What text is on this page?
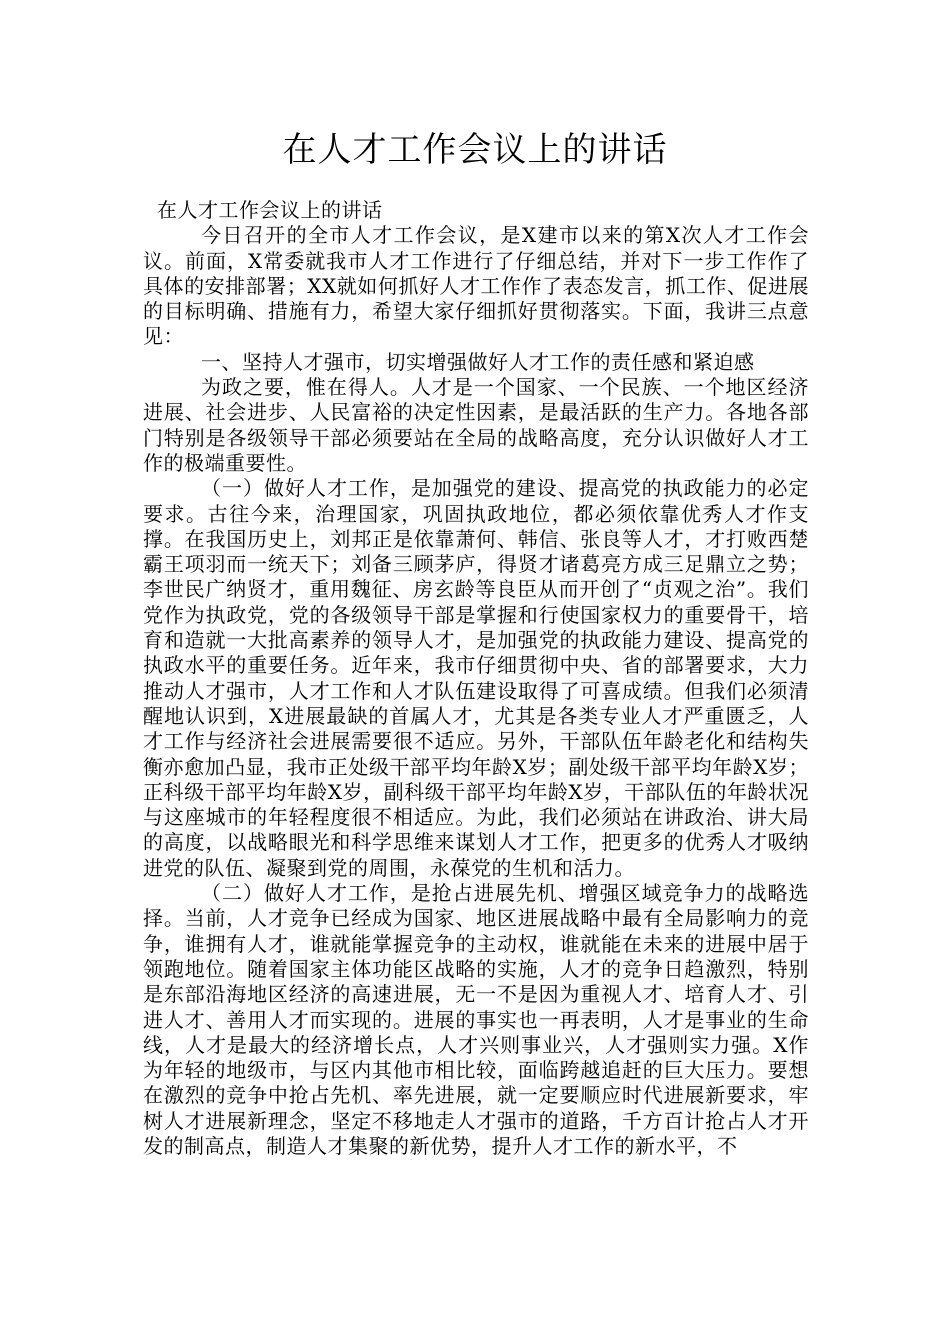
在人才工作会议上的讲话

在人才工作会议上的讲话

今日召开的全市人才工作会议，是X建市以来的第X次人才工作会议。前面，X常委就我市人才工作进行了仔细总结，并对下一步工作作了具体的安排部署；XX就如何抓好人才工作作了表态发言，抓工作、促进展的目标明确、措施有力，希望大家仔细抓好贯彻落实。下面，我讲三点意见：

一、坚持人才强市，切实增强做好人才工作的责任感和紧迫感

为政之要，惟在得人。人才是一个国家、一个民族、一个地区经济进展、社会进步、人民富裕的决定性因素，是最活跃的生产力。各地各部门特别是各级领导干部必须要站在全局的战略高度，充分认识做好人才工作的极端重要性。

（一）做好人才工作，是加强党的建设、提高党的执政能力的必定要求。古往今来，治理国家，巩固执政地位，都必须依靠优秀人才作支撑。在我国历史上，刘邦正是依靠萧何、韩信、张良等人才，才打败西楚霸王项羽而一统天下；刘备三顾茅庐，得贤才诸葛亮方成三足鼎立之势；李世民广纳贤才，重用魏征、房玄龄等良臣从而开创了“贞观之治”。我们党作为执政党，党的各级领导干部是掌握和行使国家权力的重要骨干，培育和造就一大批高素养的领导人才，是加强党的执政能力建设、提高党的执政水平的重要任务。近年来，我市仔细贯彻中央、省的部署要求，大力推动人才强市，人才工作和人才队伍建设取得了可喜成绩。但我们必须清醒地认识到，X进展最缺的首属人才，尤其是各类专业人才严重匮乏，人才工作与经济社会进展需要很不适应。另外，干部队伍年龄老化和结构失衡亦愈加凸显，我市正处级干部平均年龄X岁；副处级干部平均年龄X岁；正科级干部平均年龄X岁，副科级干部平均年龄X岁，干部队伍的年龄状况与这座城市的年轻程度很不相适应。为此，我们必须站在讲政治、讲大局的高度，以战略眼光和科学思维来谋划人才工作，把更多的优秀人才吸纳进党的队伍、凝聚到党的周围，永葆党的生机和活力。

（二）做好人才工作，是抢占进展先机、增强区域竞争力的战略选择。当前，人才竞争已经成为国家、地区进展战略中最有全局影响力的竞争，谁拥有人才，谁就能掌握竞争的主动权，谁就能在未来的进展中居于领跑地位。随着国家主体功能区战略的实施，人才的竞争日趋激烈，特别是东部沿海地区经济的高速进展，无一不是因为重视人才、培育人才、引进人才、善用人才而实现的。进展的事实也一再表明，人才是事业的生命线，人才是最大的经济增长点，人才兴则事业兴，人才强则实力强。X作为年轻的地级市，与区内其他市相比较，面临跨越追赶的巨大压力。要想在激烈的竞争中抢占先机、率先进展，就一定要顺应时代进展新要求，牢树人才进展新理念，坚定不移地走人才强市的道路，千方百计抢占人才开发的制高点，制造人才集聚的新优势，提升人才工作的新水平，不
